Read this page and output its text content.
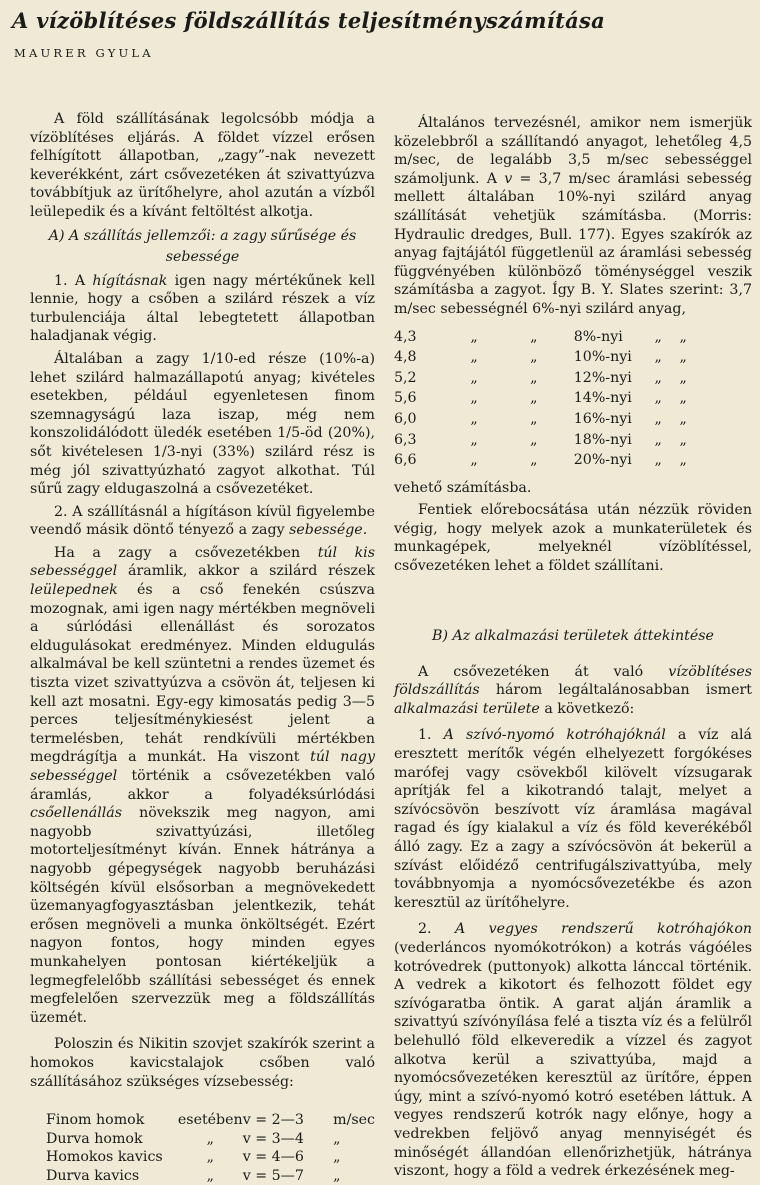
A vízöblítéses földszállítás teljesítményszámítása
MAURER GYULA

A föld szállításának legolcsóbb módja a vízöblítéses eljárás. A földet vízzel erősen felhígított állapotban, „zagy”-nak nevezett keverékként, zárt csővezetéken át szivattyúzva továbbítjuk az ürítőhelyre, ahol azután a vízből leülepedik és a kívánt feltöltést alkotja.

A) A szállítás jellemzői: a zagy sűrűsége és sebessége

1. A hígításnak igen nagy mértékűnek kell lennie, hogy a csőben a szilárd részek a víz turbulenciája által lebegtetett állapotban haladjanak végig.

Általában a zagy 1/10-ed része (10%-a) lehet szilárd halmazállapotú anyag; kivételes esetekben, például egyenletesen finom szemnagyságú laza iszap, még nem konszolidálódott üledék esetében 1/5-öd (20%), sőt kivételesen 1/3-nyi (33%) szilárd rész is még jól szivattyúzható zagyot alkothat. Túl sűrű zagy eldugaszolná a csővezetéket.

2. A szállításnál a hígításon kívül figyelembe veendő másik döntő tényező a zagy sebessége.

Ha a zagy a csővezetékben túl kis sebességgel áramlik, akkor a szilárd részek leülepednek és a cső fenekén csúszva mozognak, ami igen nagy mértékben megnöveli a súrlódási ellenállást és sorozatos eldugulásokat eredményez. Minden eldugulás alkalmával be kell szüntetni a rendes üzemet és tiszta vizet szivattyúzva a csövön át, teljesen ki kell azt mosatni. Egy-egy kimosatás pedig 3—5 perces teljesítménykiesést jelent a termelésben, tehát rendkívüli mértékben megdrágítja a munkát. Ha viszont túl nagy sebességgel történik a csővezetékben való áramlás, akkor a folyadéksúrlódási csőellenállás növekszik meg nagyon, ami nagyobb szivattyúzási, illetőleg motorteljesítményt kíván. Ennek hátránya a nagyobb gépegységek nagyobb beruházási költségén kívül elsősorban a megnövekedett üzemanyagfogyasztásban jelentkezik, tehát erősen megnöveli a munka önköltségét. Ezért nagyon fontos, hogy minden egyes munkahelyen pontosan kiértékeljük a legmegfelelőbb szállítási sebességet és ennek megfelelően szervezzük meg a földszállítás üzemét.

Poloszin és Nikitin szovjet szakírók szerint a homokos kavicstalajok csőben való szállításához szükséges vízsebesség:

Finom homok	esetében	v = 2—3	m/sec
Durva homok	„	v = 3—4	„
Homokos kavics	„	v = 4—6	„
Durva kavics	„	v = 5—7	„

Általános tervezésnél, amikor nem ismerjük közelebbről a szállítandó anyagot, lehetőleg 4,5 m/sec, de legalább 3,5 m/sec sebességgel számoljunk. A v = 3,7 m/sec áramlási sebesség mellett általában 10%-nyi szilárd anyag szállítását vehetjük számításba. (Morris: Hydraulic dredges, Bull. 177). Egyes szakírók az anyag fajtájától függetlenül az áramlási sebesség függvényében különböző töménységgel veszik számításba a zagyot. Így B. Y. Slates szerint: 3,7 m/sec sebességnél 6%-nyi szilárd anyag,

4,3	„	„	8%-nyi	„	„
4,8	„	„	10%-nyi	„	„
5,2	„	„	12%-nyi	„	„
5,6	„	„	14%-nyi	„	„
6,0	„	„	16%-nyi	„	„
6,3	„	„	18%-nyi	„	„
6,6	„	„	20%-nyi	„	„

vehető számításba.

Fentiek előrebocsátása után nézzük röviden végig, hogy melyek azok a munkaterületek és munkagépek, melyeknél vízöblítéssel, csővezetéken lehet a földet szállítani.

B) Az alkalmazási területek áttekintése

A csővezetéken át való vízöblítéses földszállítás három legáltalánosabban ismert alkalmazási területe a következő:

1. A szívó-nyomó kotróhajóknál a víz alá eresztett merítők végén elhelyezett forgókéses marófej vagy csövekből kilövelt vízsugarak aprítják fel a kikotrandó talajt, melyet a szívócsövön beszívott víz áramlása magával ragad és így kialakul a víz és föld keverékéből álló zagy. Ez a zagy a szívócsövön át bekerül a szívást előidéző centrifugálszivattyúba, mely továbbnyomja a nyomócsővezetékbe és azon keresztül az ürítőhelyre.

2. A vegyes rendszerű kotróhajókon (vederláncos nyomókotrókon) a kotrás vágóéles kotróvedrek (puttonyok) alkotta lánccal történik. A vedrek a kikotort és felhozott földet egy szívógaratba öntik. A garat alján áramlik a szivattyú szívónyílása felé a tiszta víz és a felülről belehulló föld elkeveredik a vízzel és zagyot alkotva kerül a szivattyúba, majd a nyomócsővezetéken keresztül az ürítőre, éppen úgy, mint a szívó-nyomó kotró esetében láttuk. A vegyes rendszerű kotrók nagy előnye, hogy a vedrekben feljövő anyag mennyiségét és minőségét állandóan ellenőrizhetjük, hátránya viszont, hogy a föld a vedrek érkezésének meg-
